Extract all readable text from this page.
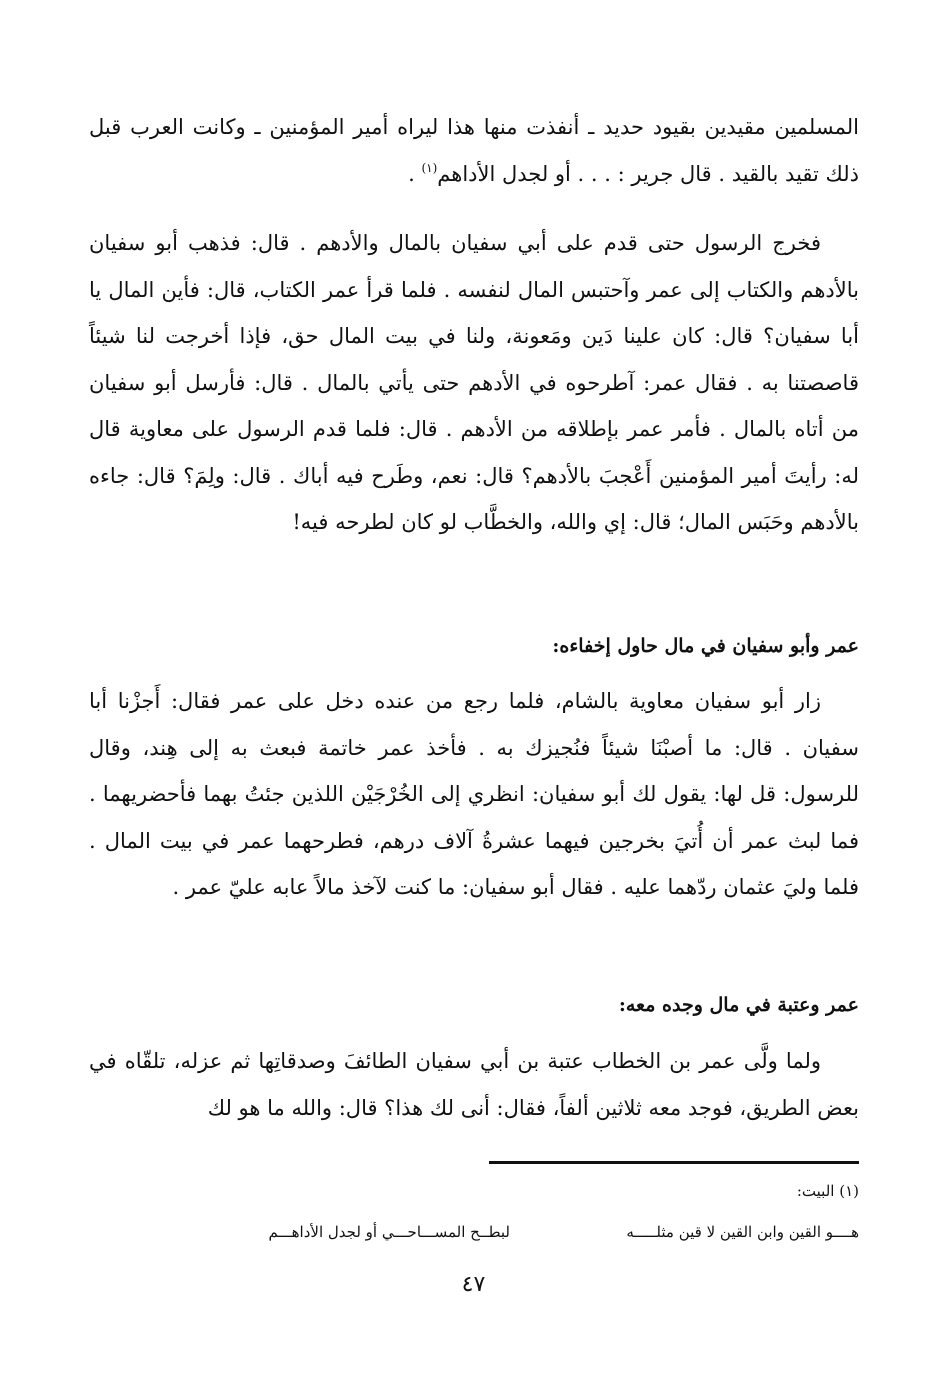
المسلمين مقيدين بقيود حديد ـ أنفذت منها هذا ليراه أمير المؤمنين ـ وكانت العرب قبل ذلك تقيد بالقيد . قال جرير : . . . أو لجدل الأداهم$^{(١)}$ .

فخرج الرسول حتى قدم على أبي سفيان بالمال والأدهم . قال: فذهب أبو سفيان بالأدهم والكتاب إلى عمر وآحتبس المال لنفسه . فلما قرأ عمر الكتاب، قال: فأين المال يا أبا سفيان؟ قال: كان علينا دَين ومَعونة، ولنا في بيت المال حق، فإذا أخرجت لنا شيئاً قاصصتنا به . فقال عمر: آطرحوه في الأدهم حتى يأتي بالمال . قال: فأرسل أبو سفيان من أتاه بالمال . فأمر عمر بإطلاقه من الأدهم . قال: فلما قدم الرسول على معاوية قال له: رأيتَ أمير المؤمنين أَعْجبَ بالأدهم؟ قال: نعم، وطَرح فيه أباك . قال: ولِمَ؟ قال: جاءه بالأدهم وحَبَس المال؛ قال: إي والله، والخطَّاب لو كان لطرحه فيه!

عمر وأبو سفيان في مال حاول إخفاءه:

زار أبو سفيان معاوية بالشام، فلما رجع من عنده دخل على عمر فقال: أَجزْنا أبا سفيان . قال: ما أصبْنَا شيئاً فنُجيزك به . فأخذ عمر خاتمة فبعث به إلى هِند، وقال للرسول: قل لها: يقول لك أبو سفيان: انظري إلى الخُرْجَيْن اللذين جئتُ بهما فأحضريهما . فما لبث عمر أن أُتيَ بخرجين فيهما عشرةُ آلاف درهم، فطرحهما عمر في بيت المال . فلما وليَ عثمان ردّهما عليه . فقال أبو سفيان: ما كنت لآخذ مالاً عابه عليّ عمر .

عمر وعتبة في مال وجده معه:

ولما ولَّى عمر بن الخطاب عتبة بن أبي سفيان الطائفَ وصدقاتِها ثم عزله، تلقّاه في بعض الطريق، فوجد معه ثلاثين ألفاً، فقال: أنى لك هذا؟ قال: والله ما هو لك

(١) البيت:
هــــو القين وابن القين لا قين مثلـــــه
لبطــح المســـاحـــي أو لجدل الأداهـــم
٤٧
